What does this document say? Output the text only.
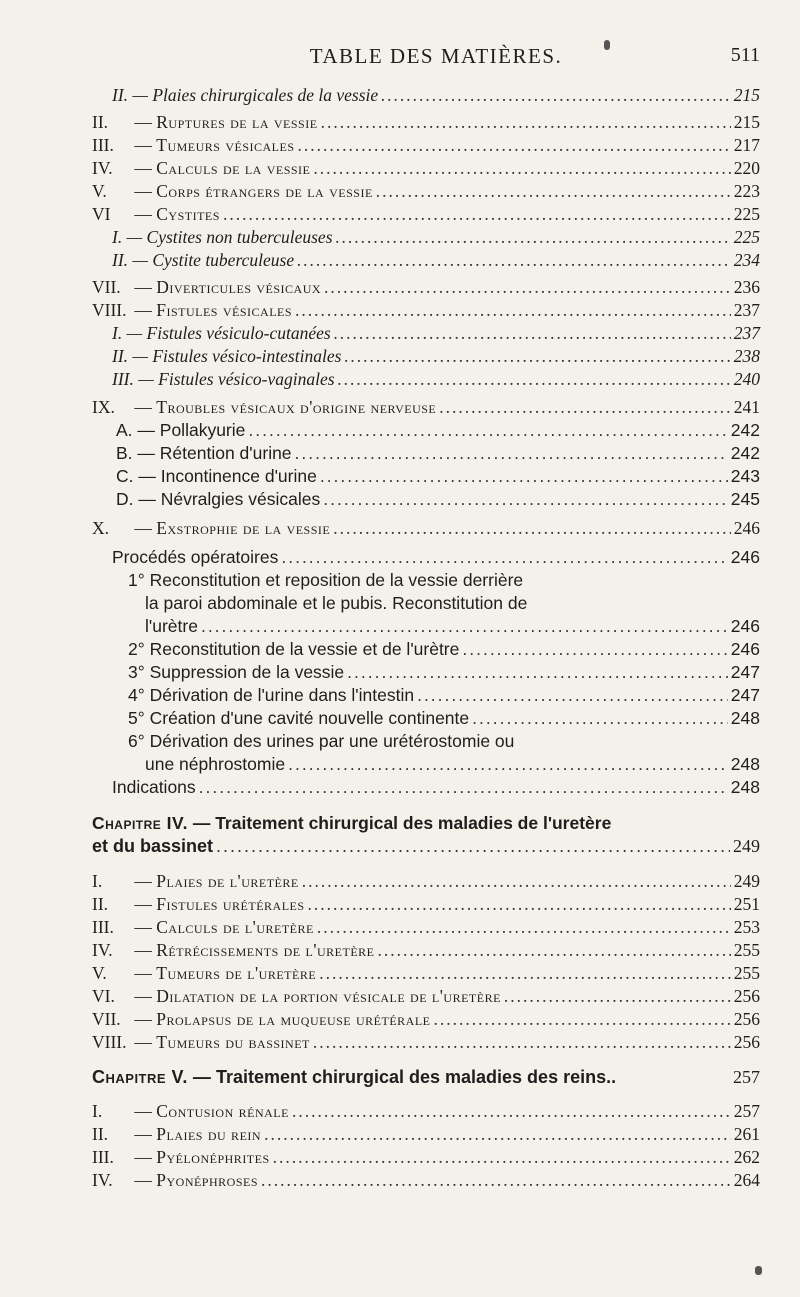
TABLE DES MATIÈRES.	511
II. — Plaies chirurgicales de la vessie .....	215
II. — Ruptures de la vessie .....	215
III. — Tumeurs vésicales .....	217
IV. — Calculs de la vessie .....	220
V. — Corps étrangers de la vessie .....	223
VI — Cystites .....	225
I. — Cystites non tuberculeuses .....	225
II. — Cystite tuberculeuse .....	234
VII. — Diverticules vésicaux .....	236
VIII. — Fistules vésicales .....	237
I. — Fistules vésiculo-cutanées .....	237
II. — Fistules vésico-intestinales .....	238
III. — Fistules vésico-vaginales .....	240
IX. — Troubles vésicaux d'origine nerveuse .....	241
A. — Pollakyurie .....	242
B. — Rétention d'urine .....	242
C. — Incontinence d'urine .....	243
D. — Névralgies vésicales .....	245
X. — Exstrophie de la vessie .....	246
Procédés opératoires .....	246
1° Reconstitution et reposition de la vessie derrière
la paroi abdominale et le pubis. Reconstitution de
l'urètre .....	246
2° Reconstitution de la vessie et de l'urètre .....	246
3° Suppression de la vessie .....	247
4° Dérivation de l'urine dans l'intestin .....	247
5° Création d'une cavité nouvelle continente .....	248
6° Dérivation des urines par une urétérostomie ou
une néphrostomie .....	248
Indications .....	248
Chapitre IV. — Traitement chirurgical des maladies de l'uretère
et du bassinet .....	249
I. — Plaies de l'uretère .....	249
II. — Fistules urétérales .....	251
III. — Calculs de l'uretère .....	253
IV. — Rétrécissements de l'uretère .....	255
V. — Tumeurs de l'uretère .....	255
VI. — Dilatation de la portion vésicale de l'uretère .....	256
VII. — Prolapsus de la muqueuse urétérale .....	256
VIII. — Tumeurs du bassinet .....	256
Chapitre V. — Traitement chirurgical des maladies des reins..	257
I. — Contusion rénale .....	257
II. — Plaies du rein .....	261
III. — Pyélonéphrites .....	262
IV. — Pyonéphroses .....	264
